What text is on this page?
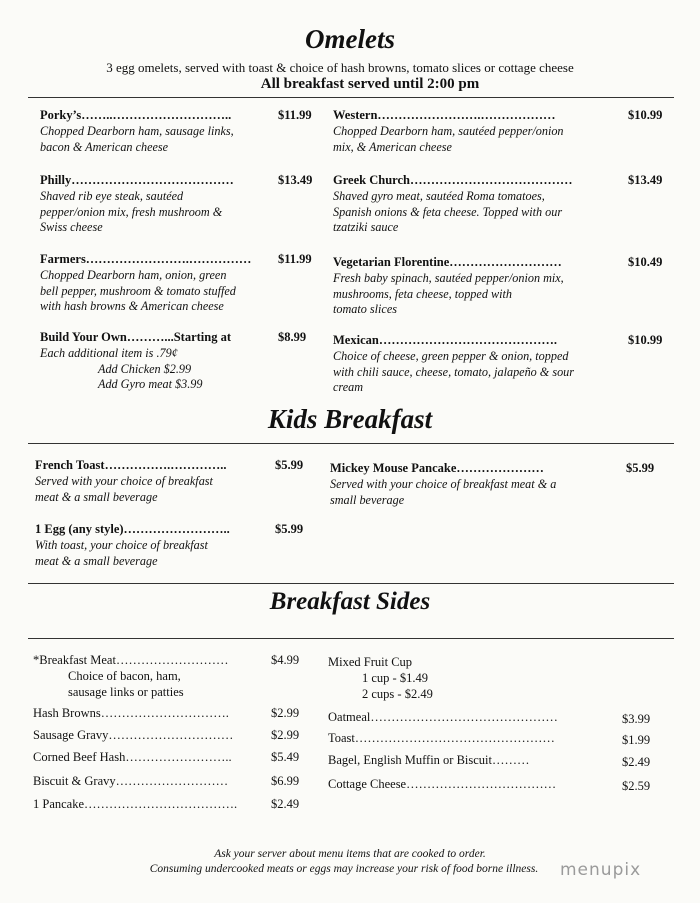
Omelets
3 egg omelets, served with toast & choice of hash browns, tomato slices or cottage cheese
All breakfast served until 2:00 pm
Porky’s……..………………………..	$11.99
Chopped Dearborn ham, sausage links,
bacon & American cheese
Western…………………….………………	$10.99
Chopped Dearborn ham, sautéed pepper/onion
mix, & American cheese
Philly…………………………………	$13.49
Shaved rib eye steak, sautéed
pepper/onion mix, fresh mushroom &
Swiss cheese
Greek Church…………………………………	$13.49
Shaved gyro meat, sautéed Roma tomatoes,
Spanish onions & feta cheese. Topped with our
tzatziki sauce
Farmers…………………….…………… $11.99
Chopped Dearborn ham, onion, green
bell pepper, mushroom & tomato stuffed
with hash browns & American cheese
Vegetarian Florentine………………………	$10.49
Fresh baby spinach, sautéed pepper/onion mix,
mushrooms, feta cheese, topped with
tomato slices
Build Your Own………...Starting at	$8.99
Each additional item is .79¢
Add Chicken $2.99
Add Gyro meat $3.99
Mexican…………………………………….	$10.99
Choice of cheese, green pepper & onion, topped
with chili sauce, cheese, tomato, jalapeño & sour
cream
Kids Breakfast
French Toast…………….…………..	$5.99
Served with your choice of breakfast
meat & a small beverage
Mickey Mouse Pancake…………………	$5.99
Served with your choice of breakfast meat & a
small beverage
1 Egg (any style)……………………..	$5.99
With toast, your choice of breakfast
meat & a small beverage
Breakfast Sides
*Breakfast Meat………………………	$4.99
Choice of bacon, ham,
sausage links or patties
Hash Browns………………………….	$2.99
Sausage Gravy…………………………	$2.99
Corned Beef Hash……………………..	$5.49
Biscuit & Gravy………………………	$6.99
1 Pancake……………………………….	$2.49
Mixed Fruit Cup
1 cup - $1.49
2 cups - $2.49
Oatmeal………………………………………	$3.99
Toast…………………………………………	$1.99
Bagel, English Muffin or Biscuit………	$2.49
Cottage Cheese………………………………	$2.59
Ask your server about menu items that are cooked to order.
Consuming undercooked meats or eggs may increase your risk of food borne illness.	menupix
